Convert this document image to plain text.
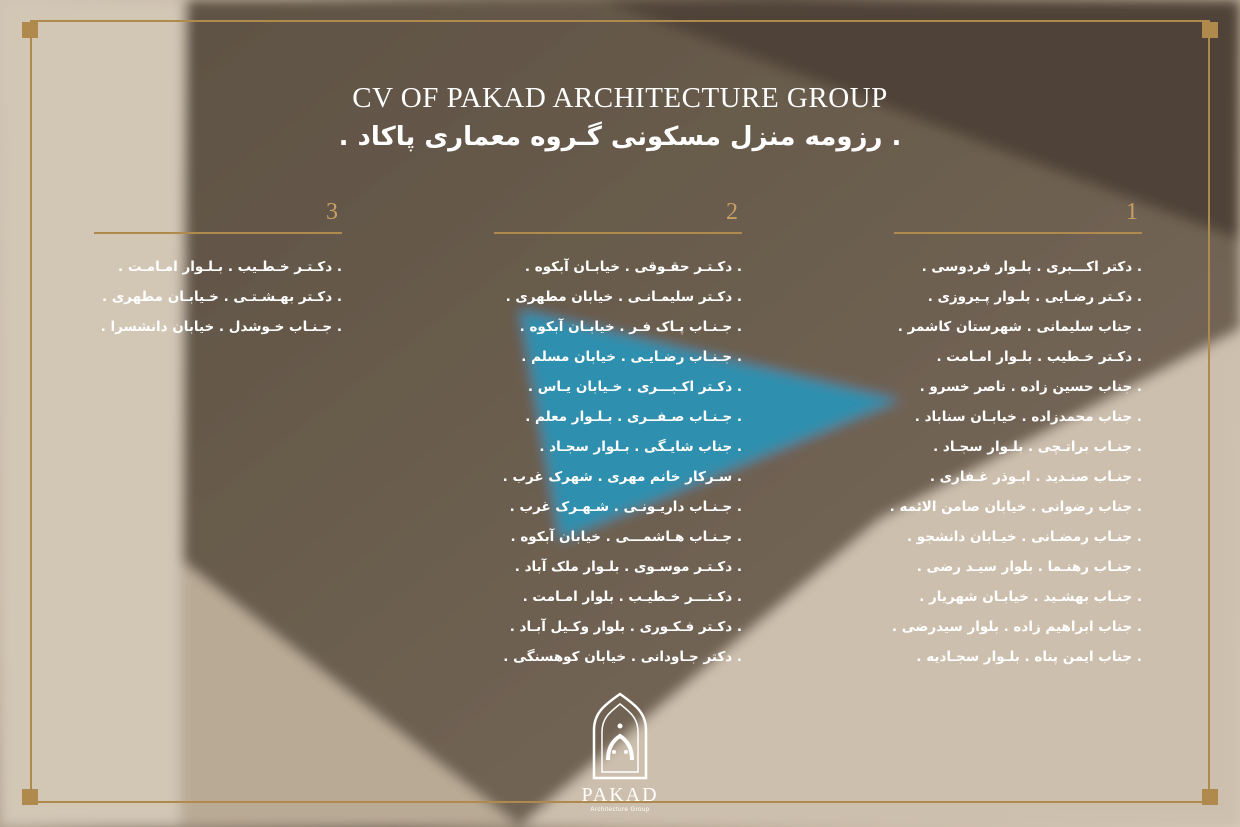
CV OF PAKAD ARCHITECTURE GROUP
. رزومه منزل مسکونی گـروه معماری پاکاد .
1
. دکتر اکـــبری . بلـوار فردوسی .
. دکـتر رضـایی . بلـوار پـیروزی .
. جناب سلیمانی . شهرستان کاشمر .
. دکـتر خـطیب . بلـوار امـامت .
. جناب حسین زاده . ناصر خسرو .
. جناب محمدزاده . خیابـان سناباد .
. جنـاب براتـچی . بلـوار سجـاد .
. جنـاب صنـدید . ابـوذر غـفاری .
. جناب رضوانی . خیابان صامن الائمه .
. جنـاب رمضـانی . خیـابان دانشجو .
. جنـاب رهنـما . بلوار سیـد رضی .
. جنـاب بهشـید . خیابـان شهریار .
. جناب ابراهیم زاده . بلوار سیدرضی .
. جناب ایمن پناه . بلـوار سجـادیه .
2
. دکـتـر حقـوقی . خیابـان آبکوه .
. دکـتر سلیمـانـی . خیابان مطهری .
. جـنـاب پـاک فـر . خیابـان آبکوه .
. جـنـاب رضـایـی . خیابان مسلم .
. دکـتر اکـبـــری . خـیابان یـاس .
. جـنـاب صـفــری . بـلـوار معلم .
. جناب شایـگی . بـلوار سجـاد .
. سـرکار خانم مهری . شهرک غرب .
. جـنـاب داریـونـی . شـهـرک غرب .
. جـنـاب هـاشمـــی . خیابان آبکوه .
. دکـتـر موسـوی . بلـوار ملک آباد .
. دکـتـــر خـطیـب . بلوار امـامت .
. دکـتر فـکـوری . بلوار وکـیل آبـاد .
. دکتر جـاودانی . خیابان کوهسنگی .
3
. دکـتـر خـطـیب . بـلـوار امـامـت .
. دکـتر بهـشـتـی . خـیابـان مطهری .
. جـنـاب خـوشدل . خیابان دانشسرا .
PAKAD
Architecture Group
